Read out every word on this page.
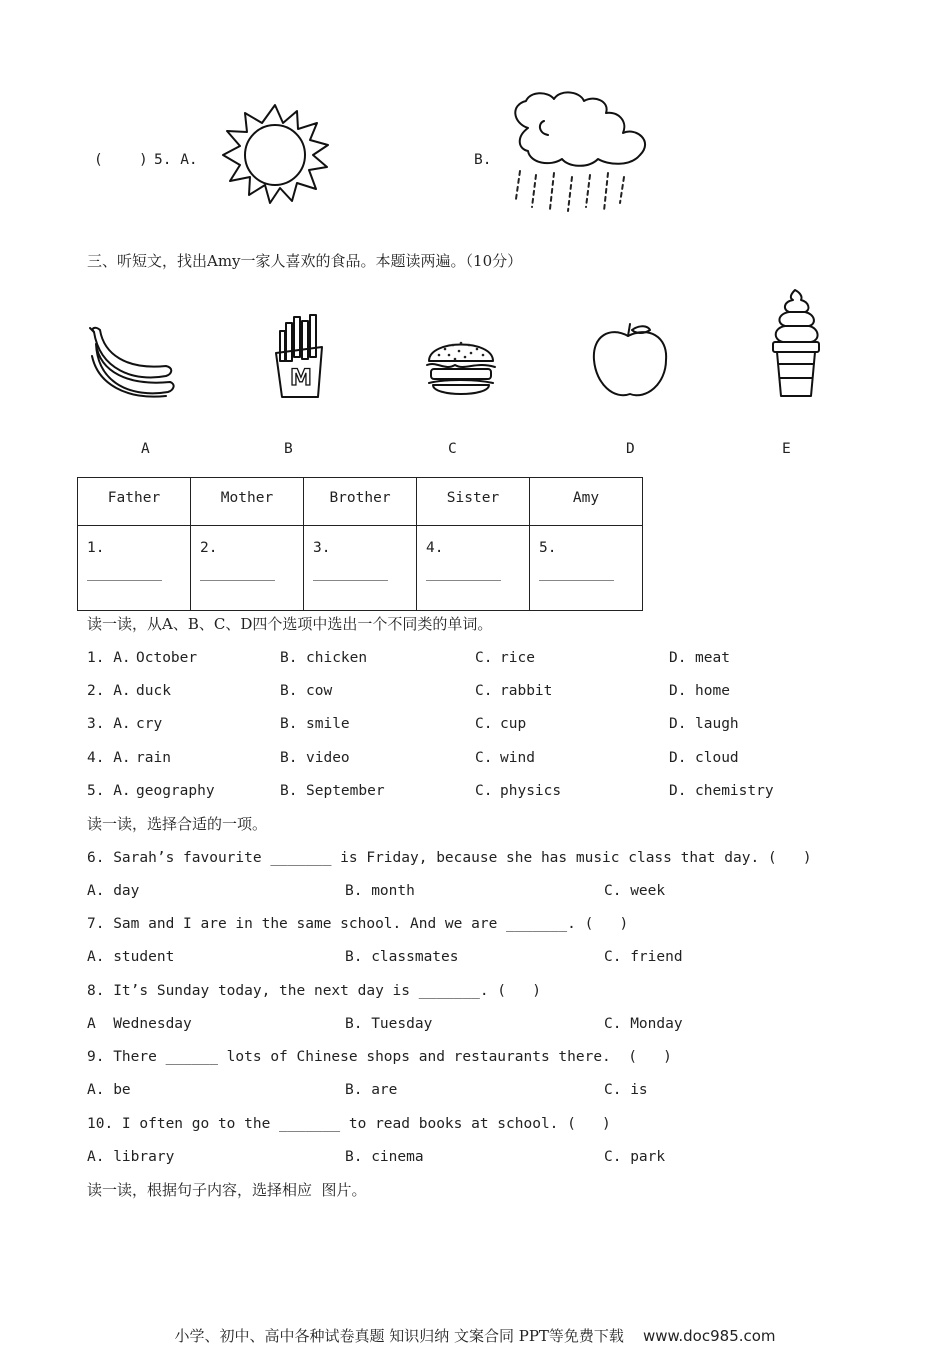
(	) 5. A.	B.
三、听短文，找出Amy一家人喜欢的食品。本题读两遍。（10分）
M
A	B	C	D	E
Father	Mother	Brother	Sister	Amy

1.	2.	3.	4.	5.
读一读，从A、B、C、D四个选项中选出一个不同类的单词。
1. A. October	B. chicken	C. rice	D. meat
2. A. duck	B. cow	C. rabbit	D. home
3. A. cry	B. smile	C. cup	D. laugh
4. A. rain	B. video	C. wind	D. cloud
5. A. geography	B. September	C. physics	D. chemistry
读一读，选择合适的一项。
6. Sarah’s favourite _______ is Friday, because she has music class that day. (   )
A. day	B. month	C. week
7. Sam and I are in the same school. And we are _______. (   )
A. student	B. classmates	C. friend
8. It’s Sunday today, the next day is _______. (   )
A  Wednesday	B. Tuesday	C. Monday
9. There ______ lots of Chinese shops and restaurants there.  (   )
A. be	B. are	C. is
10. I often go to the _______ to read books at school. (   )
A. library	B. cinema	C. park
读一读，根据句子内容，选择相应  图片。
小学、初中、高中各种试卷真题 知识归纳 文案合同 PPT等免费下载 www.doc985.com
